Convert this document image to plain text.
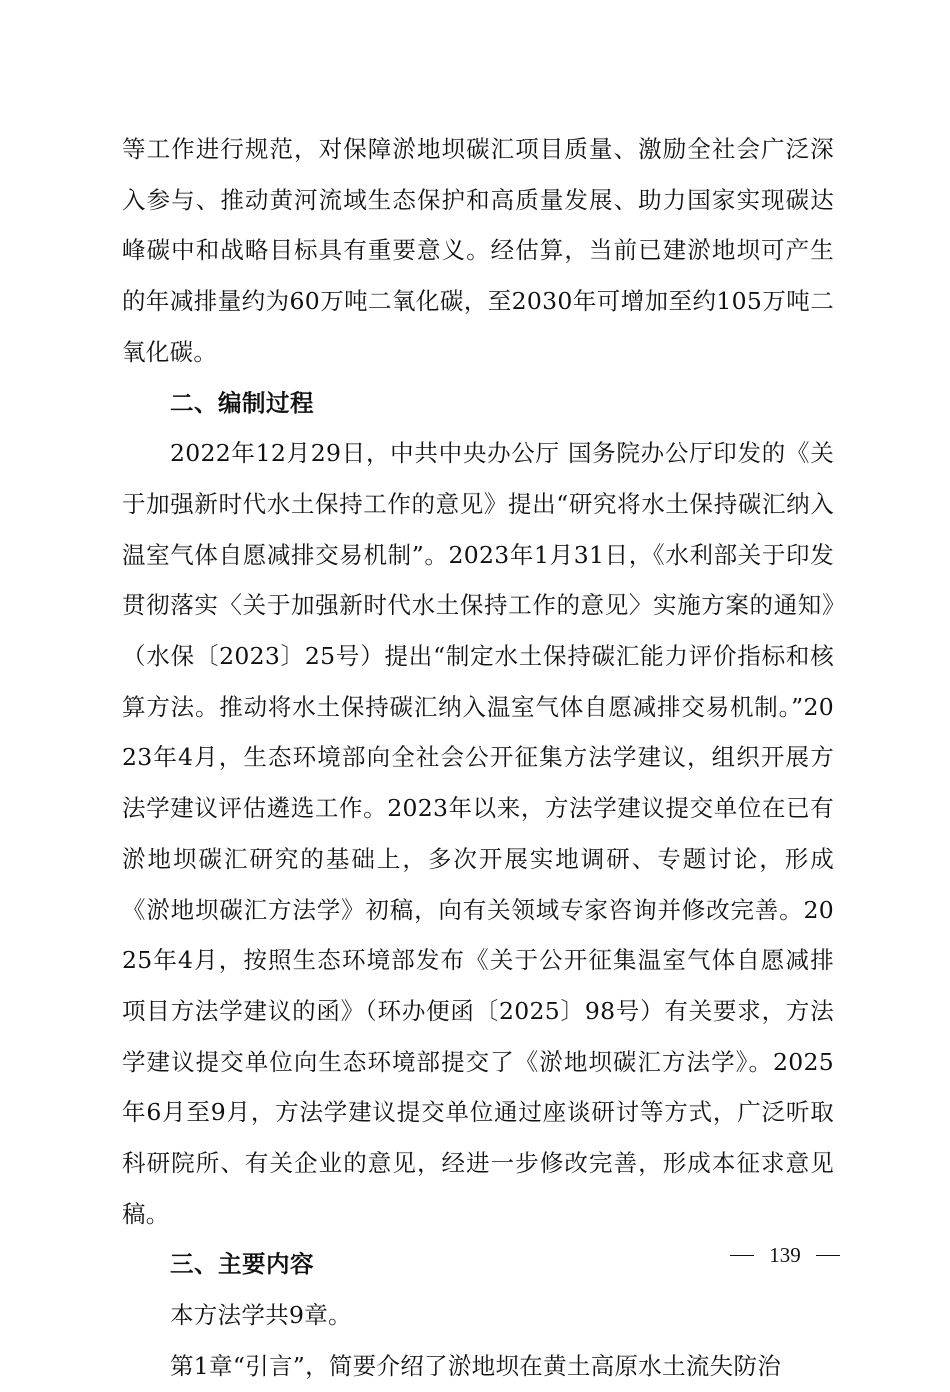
等工作进行规范，对保障淤地坝碳汇项目质量、激励全社会广泛深入参与、推动黄河流域生态保护和高质量发展、助力国家实现碳达峰碳中和战略目标具有重要意义。经估算，当前已建淤地坝可产生的年减排量约为60万吨二氧化碳，至2030年可增加至约105万吨二氧化碳。

二、编制过程

2022年12月29日，中共中央办公厅 国务院办公厅印发的《关于加强新时代水土保持工作的意见》提出“研究将水土保持碳汇纳入温室气体自愿减排交易机制”。2023年1月31日，《水利部关于印发贯彻落实〈关于加强新时代水土保持工作的意见〉实施方案的通知》（水保〔2023〕25号）提出“制定水土保持碳汇能力评价指标和核算方法。推动将水土保持碳汇纳入温室气体自愿减排交易机制。”2023年4月，生态环境部向全社会公开征集方法学建议，组织开展方法学建议评估遴选工作。2023年以来，方法学建议提交单位在已有淤地坝碳汇研究的基础上，多次开展实地调研、专题讨论，形成《淤地坝碳汇方法学》初稿，向有关领域专家咨询并修改完善。2025年4月，按照生态环境部发布《关于公开征集温室气体自愿减排项目方法学建议的函》（环办便函〔2025〕98号）有关要求，方法学建议提交单位向生态环境部提交了《淤地坝碳汇方法学》。2025年6月至9月，方法学建议提交单位通过座谈研讨等方式，广泛听取科研院所、有关企业的意见，经进一步修改完善，形成本征求意见稿。

三、主要内容

本方法学共9章。

第1章“引言”，简要介绍了淤地坝在黄土高原水土流失防治

139
